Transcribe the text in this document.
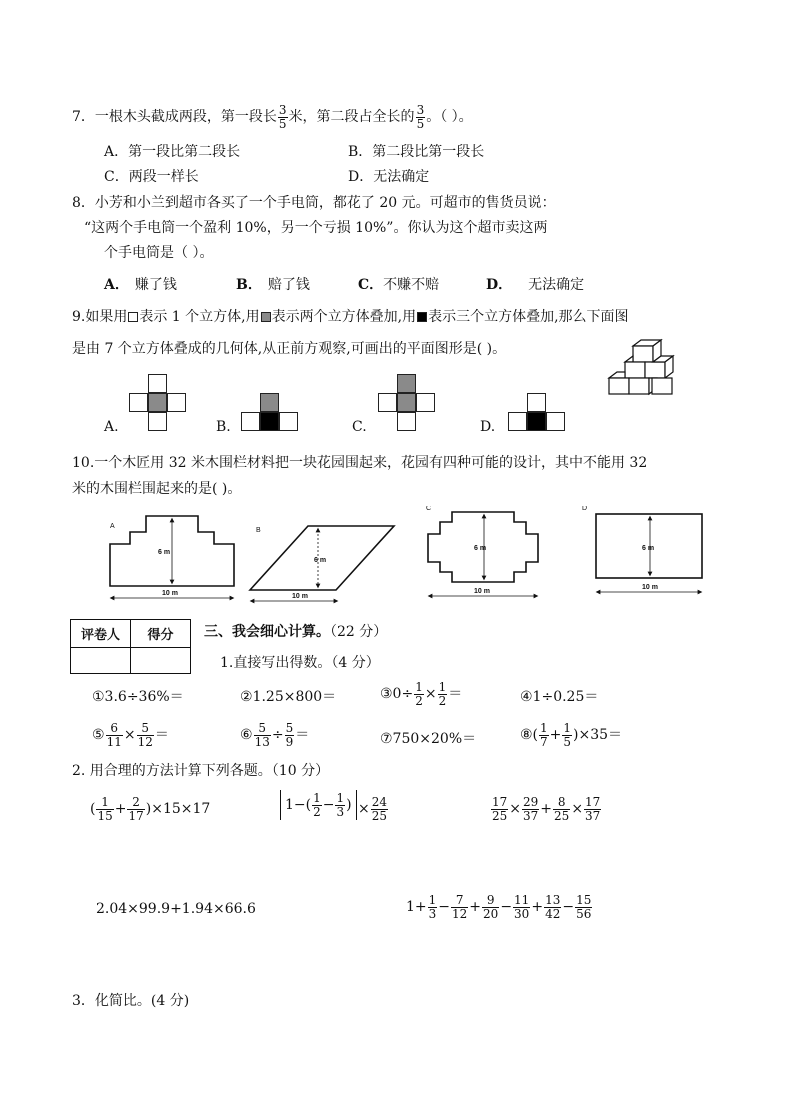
7．一根木头截成两段，第一段长 $\frac{3}{5}$ 米，第二段占全长的 $\frac{3}{5}$ 。（ ）。
A．第一段比第二段长	B．第二段比第一段长
C．两段一样长	D．无法确定
8．小芳和小兰到超市各买了一个手电筒，都花了 20 元。可超市的售货员说：
“这两个手电筒一个盈利 10%，另一个亏损 10%”。你认为这个超市卖这两
个手电筒是（ ）。
A． 赚了钱	B． 赔了钱	C．不赚不赔	D． 无法确定
9.如果用 表示 1 个立方体,用 表示两个立方体叠加,用 表示三个立方体叠加,那么下面图
是由 7 个立方体叠成的几何体,从正前方观察,可画出的平面图形是( )。
A.	B.	C.	D.
10.一个木匠用 32 米木围栏材料把一块花园围起来，花园有四种可能的设计，其中不能用 32
米的木围栏围起来的是( )。
A
6 m
10 m
B
6 m
10 m
C
6 m
10 m
D
6 m
10 m
评卷人	得分
	三、我会细心计算。（22 分）
1.直接写出得数。（4 分）
①3.6÷36%＝	②1.25×800＝	③0÷ $\frac{1}{2} \times \frac{1}{2}$ ＝	④1÷0.25＝
⑤ $\frac{6}{11} \times \frac{5}{12}$ ＝	⑥ $\frac{5}{13} \div \frac{5}{9}$ ＝	⑦750×20%＝	⑧( $\frac{1}{7} + \frac{1}{5} )\times 35=$
2. 用合理的方法计算下列各题。（10 分）
( $\frac{1}{15} + \frac{2}{17} )\times 15\times 17$	$1-( \frac{1}{2} - \frac{1}{3}$ ) × $\frac{24}{25}$	$\frac{17}{25} \times \frac{29}{37} + \frac{8}{25} \times \frac{17}{37}$
2.04×99.9+1.94×66.6	$1+ \frac{1}{3} - \frac{7}{12} + \frac{9}{20} - \frac{11}{30} + \frac{13}{42} - \frac{15}{56}$
3．化简比。(4 分)
